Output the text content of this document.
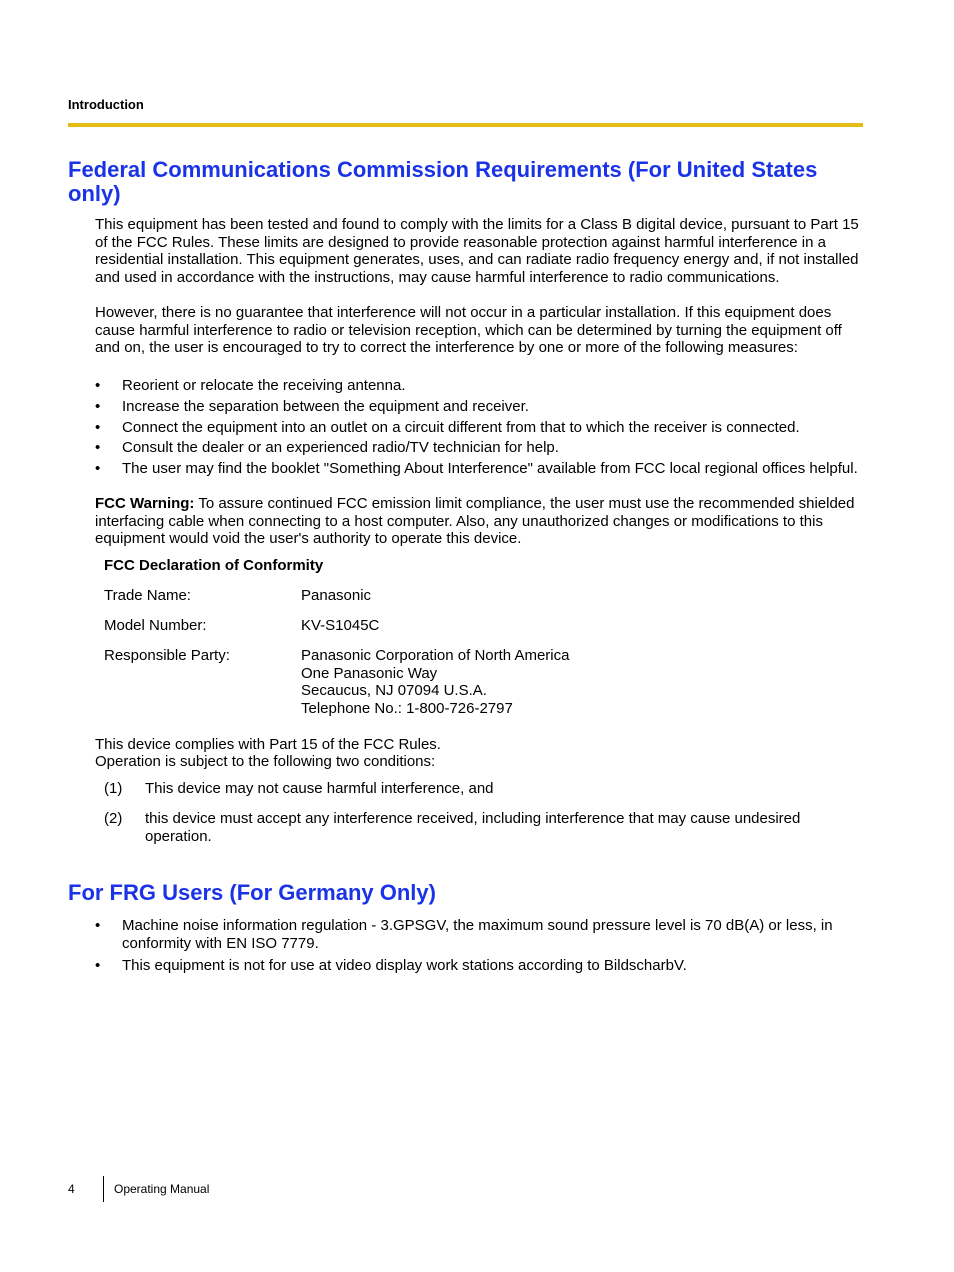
Introduction
Federal Communications Commission Requirements (For United States only)
This equipment has been tested and found to comply with the limits for a Class B digital device, pursuant to Part 15 of the FCC Rules. These limits are designed to provide reasonable protection against harmful interference in a residential installation. This equipment generates, uses, and can radiate radio frequency energy and, if not installed and used in accordance with the instructions, may cause harmful interference to radio communications.
However, there is no guarantee that interference will not occur in a particular installation. If this equipment does cause harmful interference to radio or television reception, which can be determined by turning the equipment off and on, the user is encouraged to try to correct the interference by one or more of the following measures:
• Reorient or relocate the receiving antenna.
• Increase the separation between the equipment and receiver.
• Connect the equipment into an outlet on a circuit different from that to which the receiver is connected.
• Consult the dealer or an experienced radio/TV technician for help.
• The user may find the booklet "Something About Interference" available from FCC local regional offices helpful.
FCC Warning: To assure continued FCC emission limit compliance, the user must use the recommended shielded interfacing cable when connecting to a host computer. Also, any unauthorized changes or modifications to this equipment would void the user's authority to operate this device.
FCC Declaration of Conformity
Trade Name:	Panasonic
Model Number:	KV-S1045C
Responsible Party:	Panasonic Corporation of North America
One Panasonic Way
Secaucus, NJ 07094 U.S.A.
Telephone No.: 1-800-726-2797
This device complies with Part 15 of the FCC Rules.
Operation is subject to the following two conditions:
(1) This device may not cause harmful interference, and
(2) this device must accept any interference received, including interference that may cause undesired operation.
For FRG Users (For Germany Only)
• Machine noise information regulation - 3.GPSGV, the maximum sound pressure level is 70 dB(A) or less, in conformity with EN ISO 7779.
• This equipment is not for use at video display work stations according to BildscharbV.
4	Operating Manual
